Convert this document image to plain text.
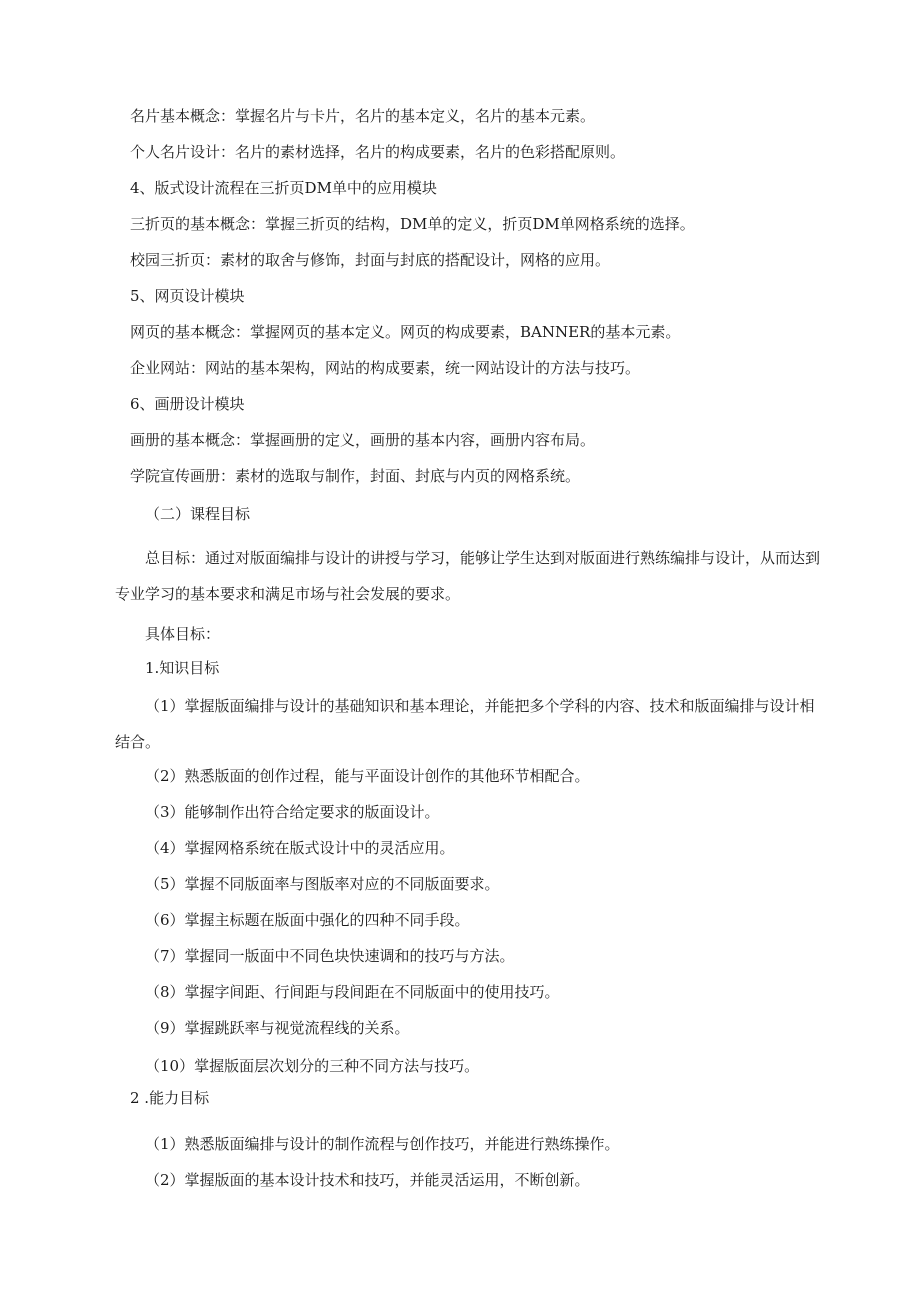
名片基本概念：掌握名片与卡片，名片的基本定义，名片的基本元素。

个人名片设计：名片的素材选择，名片的构成要素，名片的色彩搭配原则。

4、版式设计流程在三折页DM单中的应用模块

三折页的基本概念：掌握三折页的结构，DM单的定义，折页DM单网格系统的选择。

校园三折页：素材的取舍与修饰，封面与封底的搭配设计，网格的应用。

5、网页设计模块

网页的基本概念：掌握网页的基本定义。网页的构成要素，BANNER的基本元素。

企业网站：网站的基本架构，网站的构成要素，统一网站设计的方法与技巧。

6、画册设计模块

画册的基本概念：掌握画册的定义，画册的基本内容，画册内容布局。

学院宣传画册：素材的选取与制作，封面、封底与内页的网格系统。

（二）课程目标

总目标：通过对版面编排与设计的讲授与学习，能够让学生达到对版面进行熟练编排与设计，从而达到专业学习的基本要求和满足市场与社会发展的要求。

具体目标：

1.知识目标

（1）掌握版面编排与设计的基础知识和基本理论，并能把多个学科的内容、技术和版面编排与设计相结合。

（2）熟悉版面的创作过程，能与平面设计创作的其他环节相配合。

（3）能够制作出符合给定要求的版面设计。

（4）掌握网格系统在版式设计中的灵活应用。

（5）掌握不同版面率与图版率对应的不同版面要求。

（6）掌握主标题在版面中强化的四种不同手段。

（7）掌握同一版面中不同色块快速调和的技巧与方法。

（8）掌握字间距、行间距与段间距在不同版面中的使用技巧。

（9）掌握跳跃率与视觉流程线的关系。

（10）掌握版面层次划分的三种不同方法与技巧。

2 .能力目标

（1）熟悉版面编排与设计的制作流程与创作技巧，并能进行熟练操作。

（2）掌握版面的基本设计技术和技巧，并能灵活运用，不断创新。
